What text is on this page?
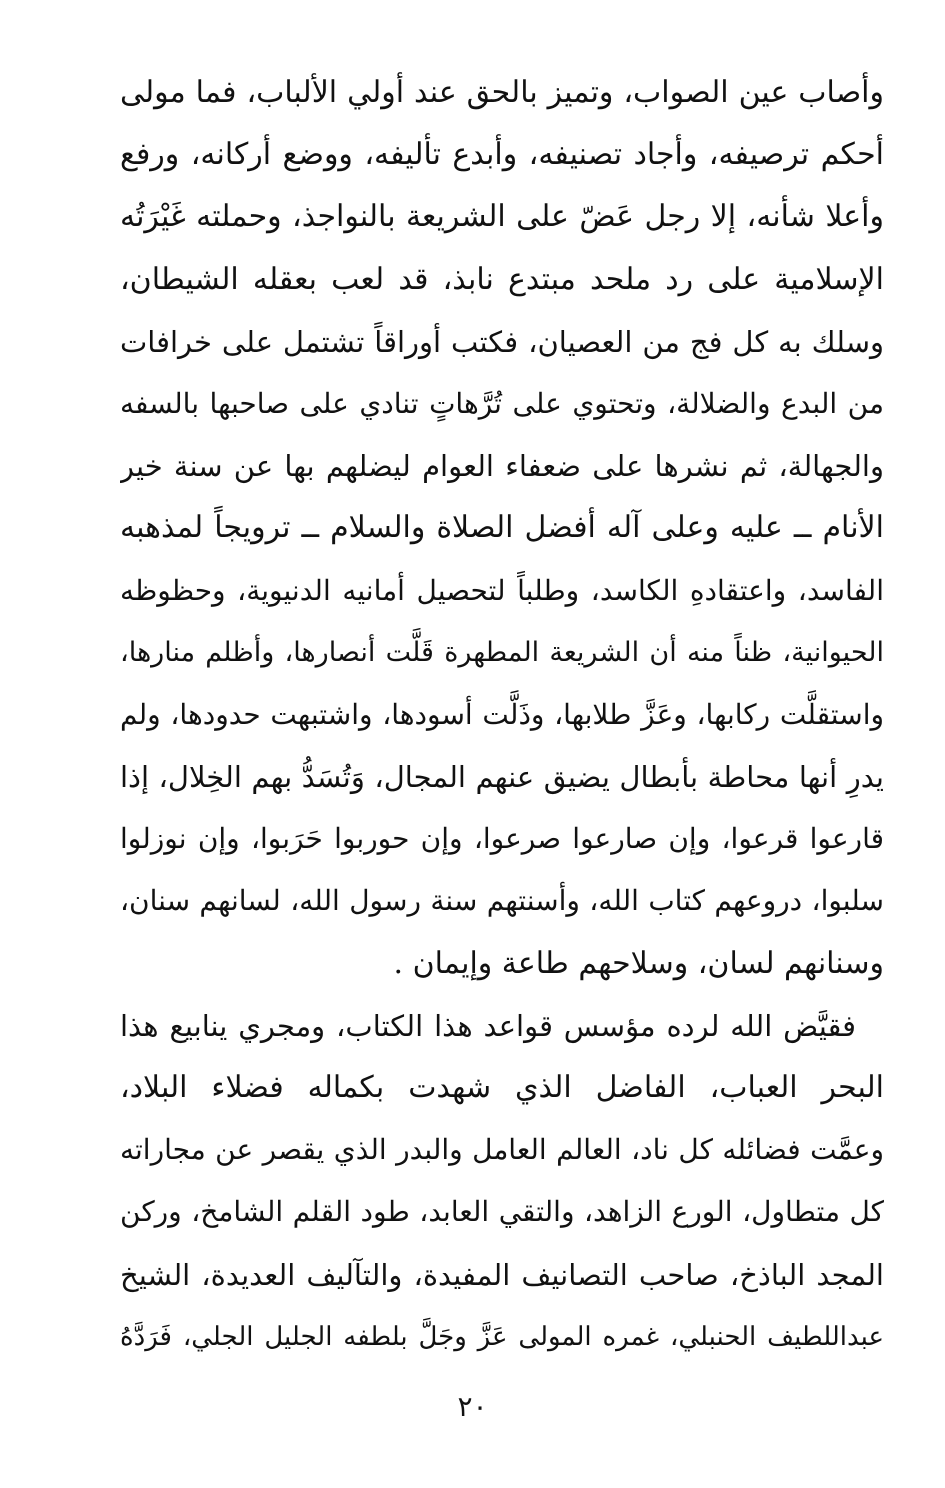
وأصاب عين الصواب، وتميز بالحق عند أولي الألباب، فما مولى
أحكم ترصيفه، وأجاد تصنيفه، وأبدع تأليفه، ووضع أركانه، ورفع
وأعلا شأنه، إلا رجل عَضّ على الشريعة بالنواجذ، وحملته غَيْرَتُه
الإسلامية على رد ملحد مبتدع نابذ، قد لعب بعقله الشيطان،
وسلك به كل فج من العصيان، فكتب أوراقاً تشتمل على خرافات
من البدع والضلالة، وتحتوي على تُرَّهاتٍ تنادي على صاحبها بالسفه
والجهالة، ثم نشرها على ضعفاء العوام ليضلهم بها عن سنة خير
الأنام ــ عليه وعلى آله أفضل الصلاة والسلام ــ ترويجاً لمذهبه
الفاسد، واعتقادهِ الكاسد، وطلباً لتحصيل أمانيه الدنيوية، وحظوظه
الحيوانية، ظناً منه أن الشريعة المطهرة قَلَّت أنصارها، وأظلم منارها،
واستقلَّت ركابها، وعَزَّ طلابها، وذَلَّت أسودها، واشتبهت حدودها، ولم
يدرِ أنها محاطة بأبطال يضيق عنهم المجال، وَتُسَدُّ بهم الخِلال، إذا
قارعوا قرعوا، وإن صارعوا صرعوا، وإن حوربوا حَرَبوا، وإن نوزلوا
سلبوا، دروعهم كتاب الله، وأسنتهم سنة رسول الله، لسانهم سنان،
وسنانهم لسان، وسلاحهم طاعة وإيمان .
فقيَّض الله لرده مؤسس قواعد هذا الكتاب، ومجري ينابيع هذا
البحر العباب، الفاضل الذي شهدت بكماله فضلاء البلاد،
وعمَّت فضائله كل ناد، العالم العامل والبدر الذي يقصر عن مجاراته
كل متطاول، الورع الزاهد، والتقي العابد، طود القلم الشامخ، وركن
المجد الباذخ، صاحب التصانيف المفيدة، والتآليف العديدة، الشيخ
عبداللطيف الحنبلي، غمره المولى عَزَّ وجَلَّ بلطفه الجليل الجلي، فَرَدَّهُ
٢٠
